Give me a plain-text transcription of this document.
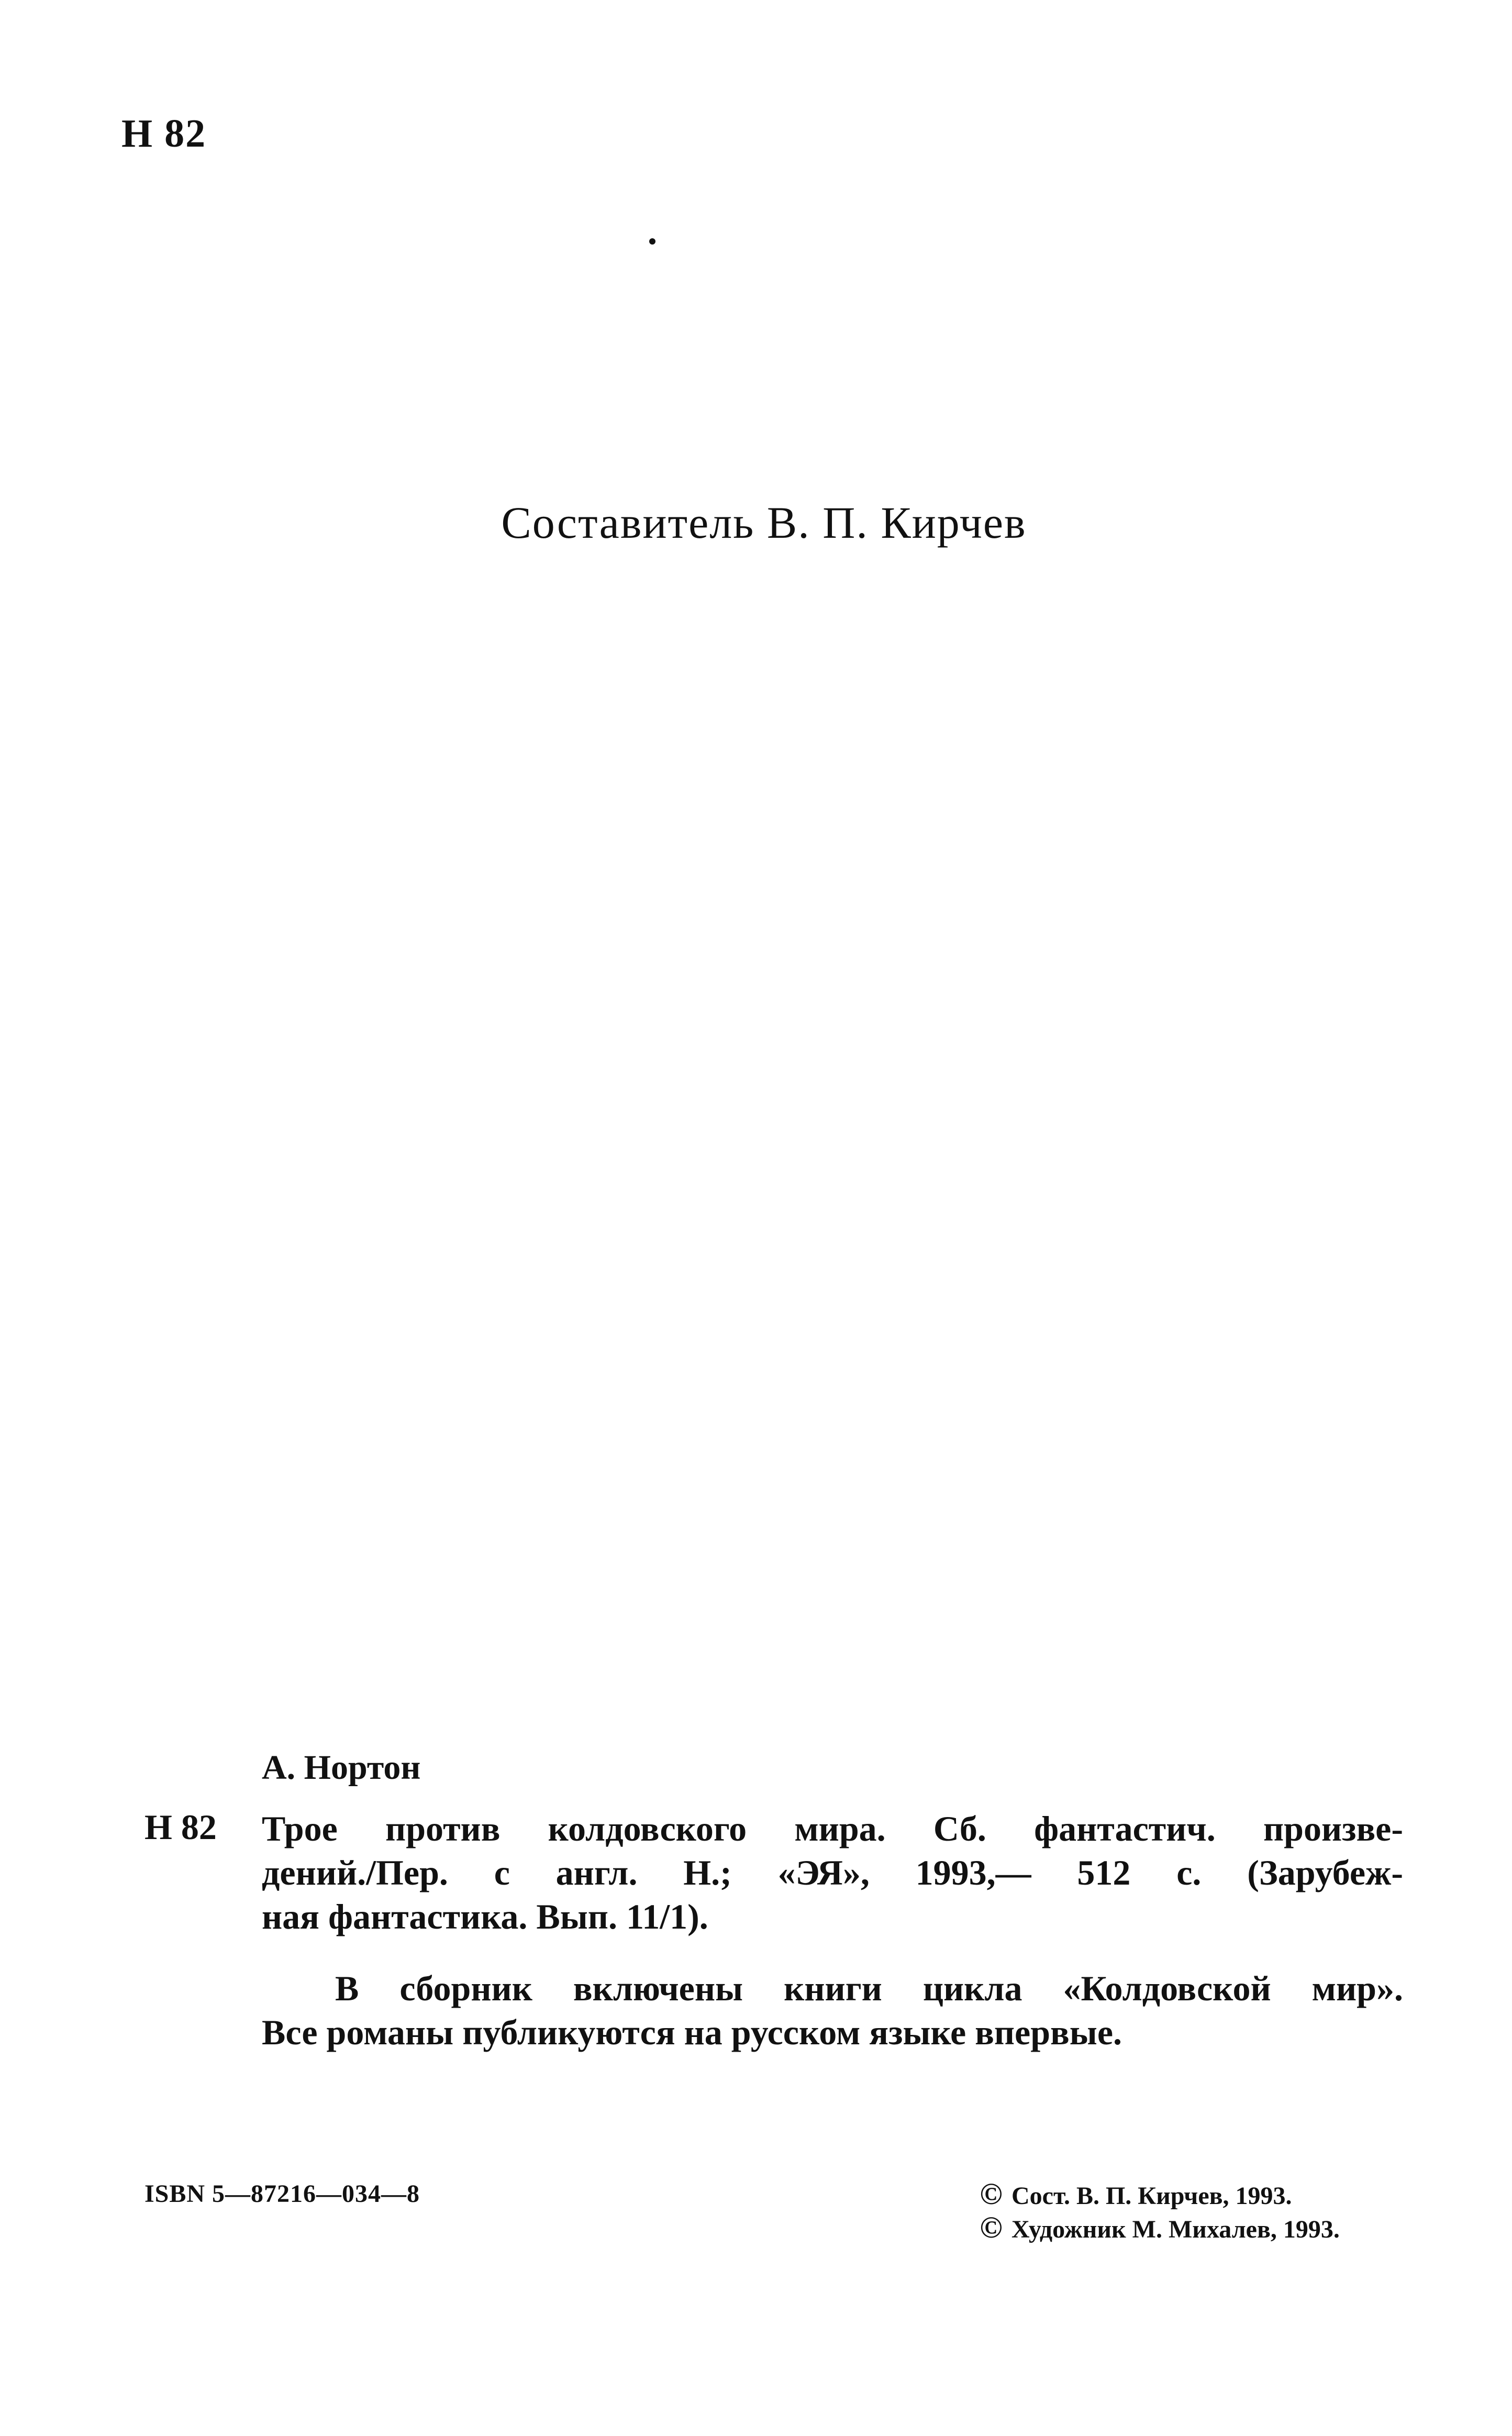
Н 82
Составитель В. П. Кирчев
А. Нортон
Н 82 Трое против колдовского мира. Сб. фантастич. произве-
дений./Пер. с англ. Н.; «ЭЯ», 1993,— 512 с. (Зарубеж-
ная фантастика. Вып. 11/1).
В сборник включены книги цикла «Колдовской мир».
Все романы публикуются на русском языке впервые.
ISBN 5—87216—034—8	© Сост. В. П. Кирчев, 1993.
© Художник М. Михалев, 1993.
